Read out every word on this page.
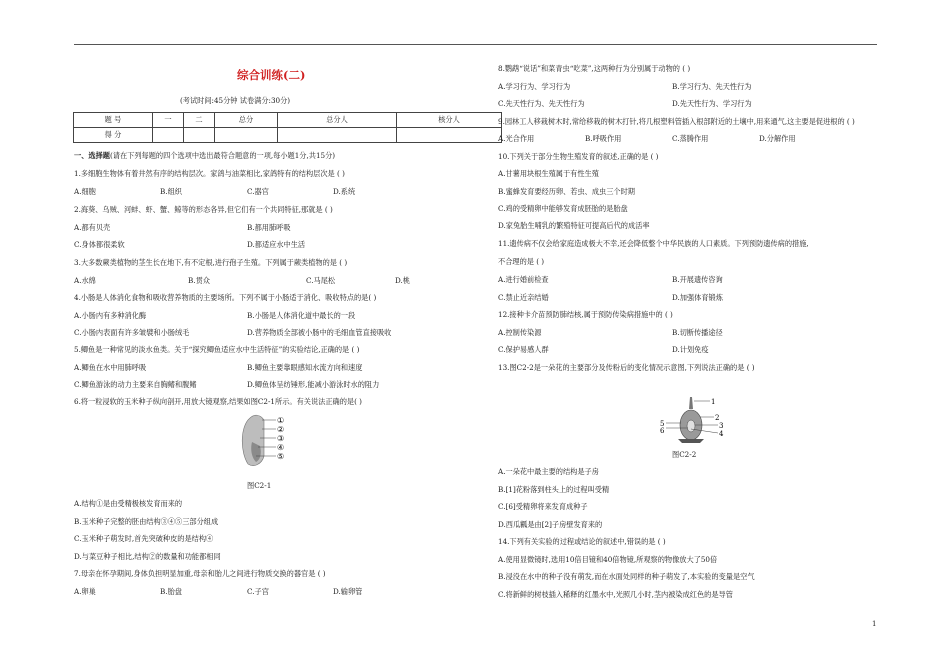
综合训练(二)
(考试时间:45分钟 试卷满分:30分)
题 号	一	二	总分	总分人	核分人
得 分					

一、选择题(请在下列每题的四个选项中选出最符合题意的一项,每小题1分,共15分)

1.多细胞生物体有着井然有序的结构层次。家鸽与油菜相比,家鸽特有的结构层次是 ( )

A.细胞	B.组织	C.器官	D.系统

2.海葵、乌贼、河蚌、虾、蟹、鲸等的形态各异,但它们有一个共同特征,那就是 ( )

A.都有贝壳	B.都用肺呼吸

C.身体都很柔软	D.都适应水中生活

3.大多数蕨类植物的茎生长在地下,有不定根,进行孢子生殖。下列属于蕨类植物的是 ( )

A.水绵	B.贯众	C.马尾松	D.桃

4.小肠是人体消化食物和吸收营养物质的主要场所。下列不属于小肠适于消化、吸收特点的是( )

A.小肠内有多种消化酶	B.小肠是人体消化道中最长的一段

C.小肠内表面有许多皱襞和小肠绒毛	D.营养物质全部被小肠中的毛细血管直接吸收

5.鲫鱼是一种常见的淡水鱼类。关于“探究鲫鱼适应水中生活特征”的实验结论,正确的是 ( )

A.鲫鱼在水中用肺呼吸	B.鲫鱼主要靠眼感知水流方向和速度

C.鲫鱼游泳的动力主要来自胸鳍和腹鳍	D.鲫鱼体呈纺锤形,能减小游泳时水的阻力

6.将一粒浸软的玉米种子纵向剖开,用放大镜观察,结果如图C2-1所示。有关说法正确的是( )

图C2-1

A.结构①是由受精极核发育而来的

B.玉米种子完整的胚由结构③④⑤三部分组成

C.玉米种子萌发时,首先突破种皮的是结构④

D.与菜豆种子相比,结构②的数量和功能都相同

7.母亲在怀孕期间,身体负担明显加重,母亲和胎儿之间进行物质交换的器官是 ( )

A.卵巢	B.胎盘	C.子宫	D.输卵管

①
②
③
④
⑤

8.鹦鹉“说话”和菜青虫“吃菜”,这两种行为分别属于动物的 ( )

A.学习行为、学习行为	B.学习行为、先天性行为

C.先天性行为、先天性行为	D.先天性行为、学习行为

9.园林工人移栽树木时,常给移栽的树木打针,将几根塑料管插入根部附近的土壤中,用来通气,这主要是促进根的 ( )

A.光合作用	B.呼吸作用	C.蒸腾作用	D.分解作用

10.下列关于部分生物生殖发育的叙述,正确的是 ( )

A.甘薯用块根生殖属于有性生殖

B.蜜蜂发育要经历卵、若虫、成虫三个时期

C.鸡的受精卵中能够发育成胚胎的是胎盘

D.家兔胎生哺乳的繁殖特征可提高后代的成活率

11.遗传病不仅会给家庭造成极大不幸,还会降低整个中华民族的人口素质。下列预防遗传病的措施,

不合理的是 ( )

A.进行婚前检查	B.开展遗传咨询

C.禁止近亲结婚	D.加强体育锻炼

12.接种卡介苗预防肺结核,属于预防传染病措施中的 ( )

A.控制传染源	B.切断传播途径

C.保护易感人群	D.计划免疫

13.图C2-2是一朵花的主要部分及传粉后的变化情况示意图,下列说法正确的是 ( )

图C2-2

A.一朵花中最主要的结构是子房

B.[1]花粉落到柱头上的过程叫受精

C.[6]受精卵将来发育成种子

D.西瓜瓤是由[2]子房壁发育来的

14.下列有关实验的过程或结论的叙述中,错误的是 ( )

A.使用显微镜时,选用10倍目镜和40倍物镜,所观察的物像放大了50倍

B.浸没在水中的种子没有萌发,而在水面处同样的种子萌发了,本实验的变量是空气

C.将新鲜的树枝插入稀释的红墨水中,光照几小时,茎内被染成红色的是导管

1
2
3
4
5
6
1
